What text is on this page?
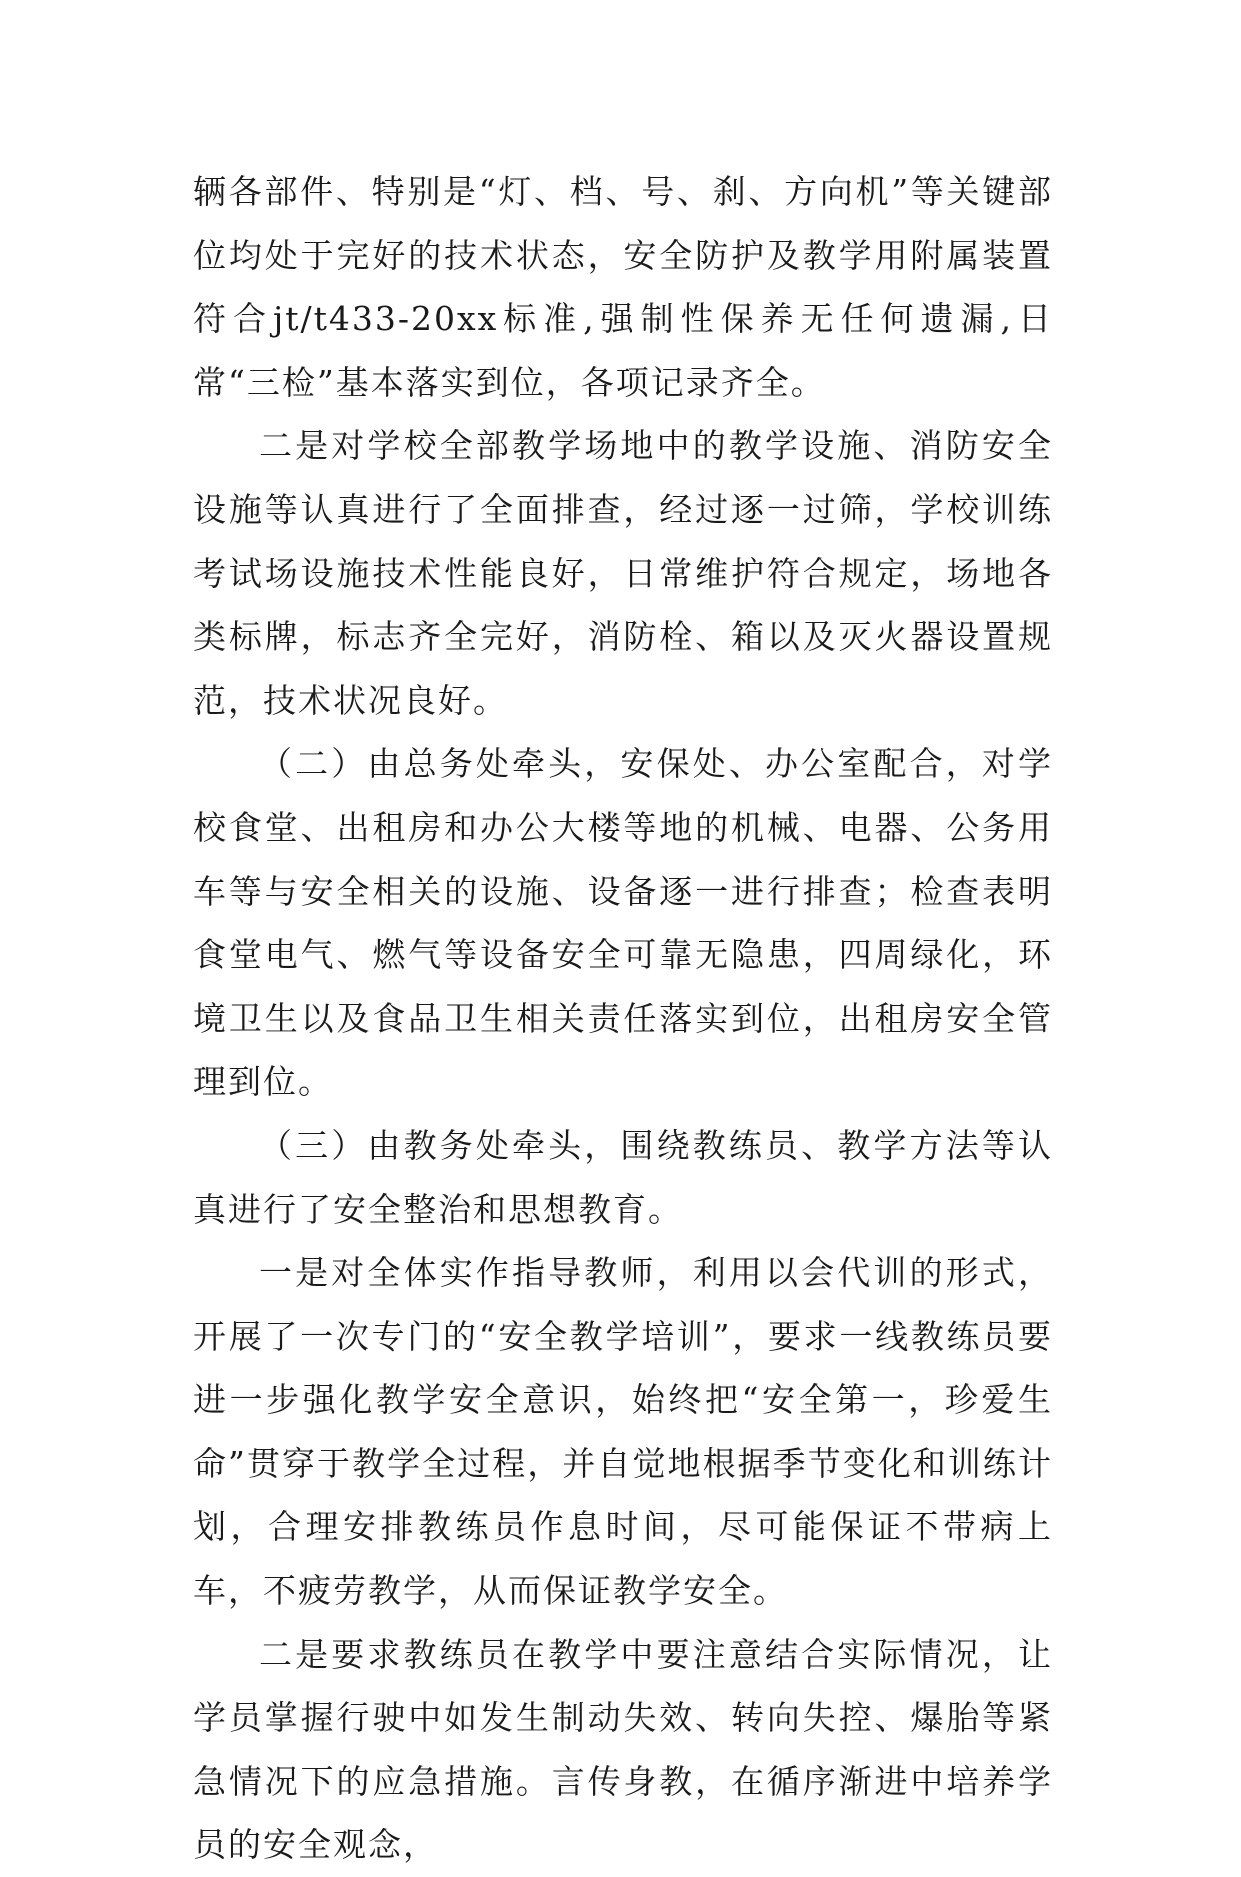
辆各部件、特别是“灯、档、号、刹、方向机”等关键部位均处于完好的技术状态，安全防护及教学用附属装置符合jt/t433-20xx标准,强制性保养无任何遗漏,日常“三检”基本落实到位，各项记录齐全。

二是对学校全部教学场地中的教学设施、消防安全设施等认真进行了全面排查，经过逐一过筛，学校训练考试场设施技术性能良好，日常维护符合规定，场地各类标牌，标志齐全完好，消防栓、箱以及灭火器设置规范，技术状况良好。

（二）由总务处牵头，安保处、办公室配合，对学校食堂、出租房和办公大楼等地的机械、电器、公务用车等与安全相关的设施、设备逐一进行排查；检查表明食堂电气、燃气等设备安全可靠无隐患，四周绿化，环境卫生以及食品卫生相关责任落实到位，出租房安全管理到位。

（三）由教务处牵头，围绕教练员、教学方法等认真进行了安全整治和思想教育。

一是对全体实作指导教师，利用以会代训的形式，开展了一次专门的“安全教学培训”，要求一线教练员要进一步强化教学安全意识，始终把“安全第一，珍爱生命”贯穿于教学全过程，并自觉地根据季节变化和训练计划，合理安排教练员作息时间，尽可能保证不带病上车，不疲劳教学，从而保证教学安全。

二是要求教练员在教学中要注意结合实际情况，让学员掌握行驶中如发生制动失效、转向失控、爆胎等紧急情况下的应急措施。言传身教，在循序渐进中培养学员的安全观念，
